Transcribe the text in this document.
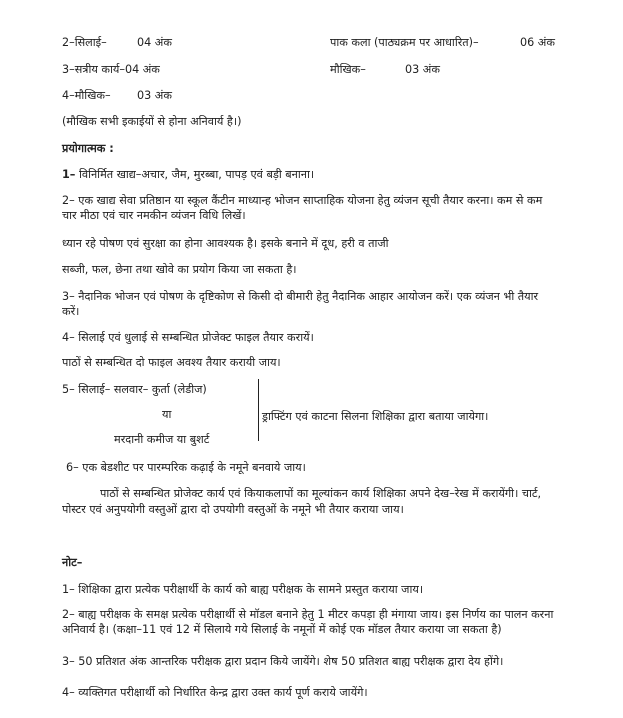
2–सिलाई–	04 अंक	पाक कला (पाठ्यक्रम पर आधारित)–	06 अंक
3–सत्रीय कार्य–04 अंक	मौखिक–	03 अंक
4–मौखिक– 03 अंक
(मौखिक सभी इकाईयों से होना अनिवार्य है।)
प्रयोगात्मक :
1– विनिर्मित खाद्य–अचार, जैम, मुरब्बा, पापड़ एवं बड़ी बनाना।
2– एक खाद्य सेवा प्रतिष्ठान या स्कूल कैंटीन माध्यान्ह भोजन साप्ताहिक योजना हेतु व्यंजन सूची तैयार करना। कम से कम चार मीठा एवं चार नमकीन व्यंजन विधि लिखें।
ध्यान रहे पोषण एवं सुरक्षा का होना आवश्यक है। इसके बनाने में दूध, हरी व ताजी
सब्जी, फल, छेना तथा खोवे का प्रयोग किया जा सकता है।
3– नैदानिक भोजन एवं पोषण के दृष्टिकोण से किसी दो बीमारी हेतु नैदानिक आहार आयोजन करें। एक व्यंजन भी तैयार करें।
4– सिलाई एवं धुलाई से सम्बन्धित प्रोजेक्ट फाइल तैयार करायें।
पाठों से सम्बन्धित दो फाइल अवश्य तैयार करायी जाय।
5– सिलाई– सलवार– कुर्ता (लेडीज)
या
मरदानी कमीज या बुशर्ट
ड्राफ्टिंग एवं काटना सिलना शिक्षिका द्वारा बताया जायेगा।
6– एक बेडशीट पर पारम्परिक कढ़ाई के नमूने बनवाये जाय।
पाठों से सम्बन्धित प्रोजेक्ट कार्य एवं कियाकलापों का मूल्यांकन कार्य शिक्षिका अपने देख–रेख में करायेंगी। चार्ट, पोस्टर एवं अनुपयोगी वस्तुओं द्वारा दो उपयोगी वस्तुओं के नमूने भी तैयार कराया जाय।
नोट–
1– शिक्षिका द्वारा प्रत्येक परीक्षार्थी के कार्य को बाह्य परीक्षक के सामने प्रस्तुत कराया जाय।
2– बाह्य परीक्षक के समक्ष प्रत्येक परीक्षार्थी से मॉडल बनाने हेतु 1 मीटर कपड़ा ही मंगाया जाय। इस निर्णय का पालन करना अनिवार्य है। (कक्षा–11 एवं 12 में सिलाये गये सिलाई के नमूनों में कोई एक मॉडल तैयार कराया जा सकता है)
3– 50 प्रतिशत अंक आन्तरिक परीक्षक द्वारा प्रदान किये जायेंगे। शेष 50 प्रतिशत बाह्य परीक्षक द्वारा देय होंगे।
4– व्यक्तिगत परीक्षार्थी को निर्धारित केन्द्र द्वारा उक्त कार्य पूर्ण कराये जायेंगे।
